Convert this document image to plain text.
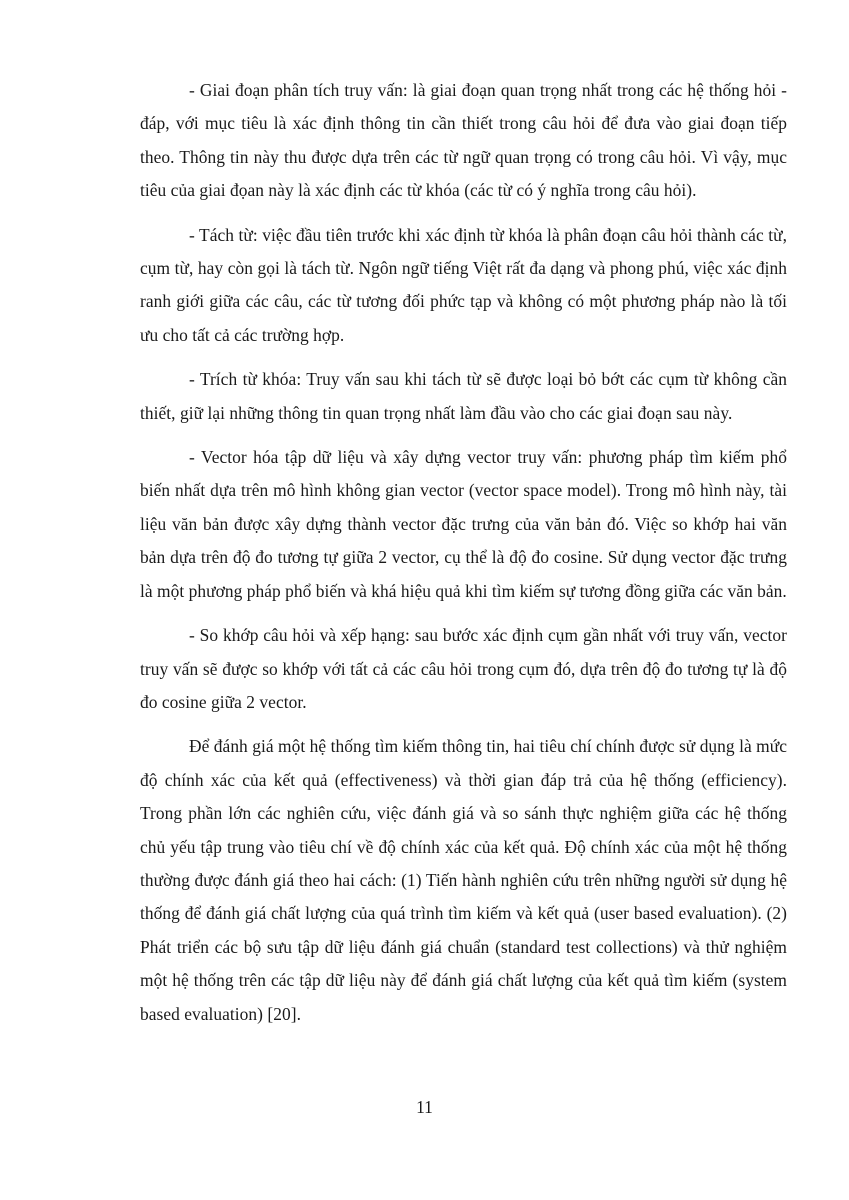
- Giai đoạn phân tích truy vấn: là giai đoạn quan trọng nhất trong các hệ thống hỏi - đáp, với mục tiêu là xác định thông tin cần thiết trong câu hỏi để đưa vào giai đoạn tiếp theo. Thông tin này thu được dựa trên các từ ngữ quan trọng có trong câu hỏi. Vì vậy, mục tiêu của giai đọan này là xác định các từ khóa (các từ có ý nghĩa trong câu hỏi).

- Tách từ: việc đầu tiên trước khi xác định từ khóa là phân đoạn câu hỏi thành các từ, cụm từ, hay còn gọi là tách từ. Ngôn ngữ tiếng Việt rất đa dạng và phong phú, việc xác định ranh giới giữa các câu, các từ tương đối phức tạp và không có một phương pháp nào là tối ưu cho tất cả các trường hợp.

- Trích từ khóa: Truy vấn sau khi tách từ sẽ được loại bỏ bớt các cụm từ không cần thiết, giữ lại những thông tin quan trọng nhất làm đầu vào cho các giai đoạn sau này.

- Vector hóa tập dữ liệu và xây dựng vector truy vấn: phương pháp tìm kiếm phổ biến nhất dựa trên mô hình không gian vector (vector space model). Trong mô hình này, tài liệu văn bản được xây dựng thành vector đặc trưng của văn bản đó. Việc so khớp hai văn bản dựa trên độ đo tương tự giữa 2 vector, cụ thể là độ đo cosine. Sử dụng vector đặc trưng là một phương pháp phổ biến và khá hiệu quả khi tìm kiếm sự tương đồng giữa các văn bản.

- So khớp câu hỏi và xếp hạng: sau bước xác định cụm gần nhất với truy vấn, vector truy vấn sẽ được so khớp với tất cả các câu hỏi trong cụm đó, dựa trên độ đo tương tự là độ đo cosine giữa 2 vector.

Để đánh giá một hệ thống tìm kiếm thông tin, hai tiêu chí chính được sử dụng là mức độ chính xác của kết quả (effectiveness) và thời gian đáp trả của hệ thống (efficiency). Trong phần lớn các nghiên cứu, việc đánh giá và so sánh thực nghiệm giữa các hệ thống chủ yếu tập trung vào tiêu chí về độ chính xác của kết quả. Độ chính xác của một hệ thống thường được đánh giá theo hai cách: (1) Tiến hành nghiên cứu trên những người sử dụng hệ thống để đánh giá chất lượng của quá trình tìm kiếm và kết quả (user based evaluation). (2) Phát triển các bộ sưu tập dữ liệu đánh giá chuẩn (standard test collections) và thử nghiệm một hệ thống trên các tập dữ liệu này để đánh giá chất lượng của kết quả tìm kiếm (system based evaluation) [20].

11
